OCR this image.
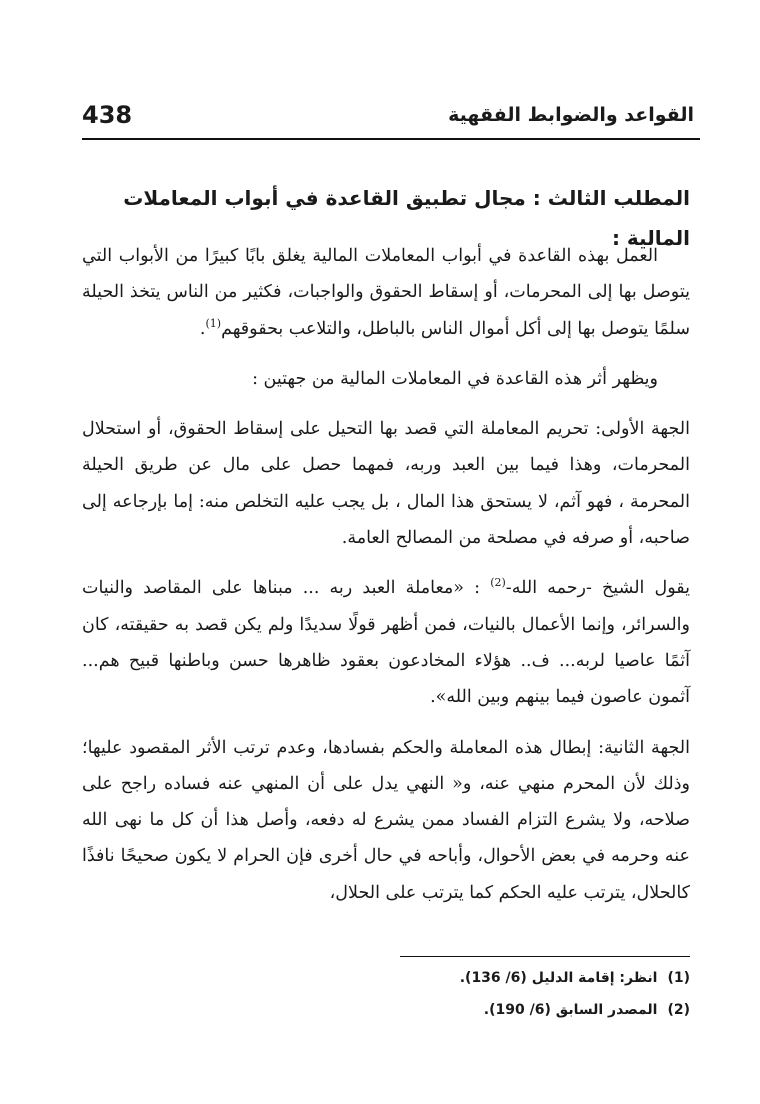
القواعد والضوابط الفقهية
438
المطلب الثالث : مجال تطبيق القاعدة في أبواب المعاملات المالية :

العمل بهذه القاعدة في أبواب المعاملات المالية يغلق بابًا كبيرًا من الأبواب التي يتوصل بها إلى المحرمات، أو إسقاط الحقوق والواجبات، فكثير من الناس يتخذ الحيلة سلمًا يتوصل بها إلى أكل أموال الناس بالباطل، والتلاعب بحقوقهم$^{(1)}$.

ويظهر أثر هذه القاعدة في المعاملات المالية من جهتين :

الجهة الأولى: تحريم المعاملة التي قصد بها التحيل على إسقاط الحقوق، أو استحلال المحرمات، وهذا فيما بين العبد وربه، فمهما حصل على مال عن طريق الحيلة المحرمة ، فهو آثم، لا يستحق هذا المال ، بل يجب عليه التخلص منه: إما بإرجاعه إلى صاحبه، أو صرفه في مصلحة من المصالح العامة.

يقول الشيخ -رحمه الله-$^{(2)}$ : «معاملة العبد ربه ... مبناها على المقاصد والنيات والسرائر، وإنما الأعمال بالنيات، فمن أظهر قولًا سديدًا ولم يكن قصد به حقيقته، كان آثمًا عاصيا لربه... ف.. هؤلاء المخادعون بعقود ظاهرها حسن وباطنها قبيح هم... آثمون عاصون فيما بينهم وبين الله».

الجهة الثانية: إبطال هذه المعاملة والحكم بفسادها، وعدم ترتب الأثر المقصود عليها؛ وذلك لأن المحرم منهي عنه، و« النهي يدل على أن المنهي عنه فساده راجح على صلاحه، ولا يشرع التزام الفساد ممن يشرع له دفعه، وأصل هذا أن كل ما نهى الله عنه وحرمه في بعض الأحوال، وأباحه في حال أخرى فإن الحرام لا يكون صحيحًا نافذًا كالحلال، يترتب عليه الحكم كما يترتب على الحلال،

(1)
انظر: إقامة الدليل (6/ 136).
(2)
المصدر السابق (6/ 190).
